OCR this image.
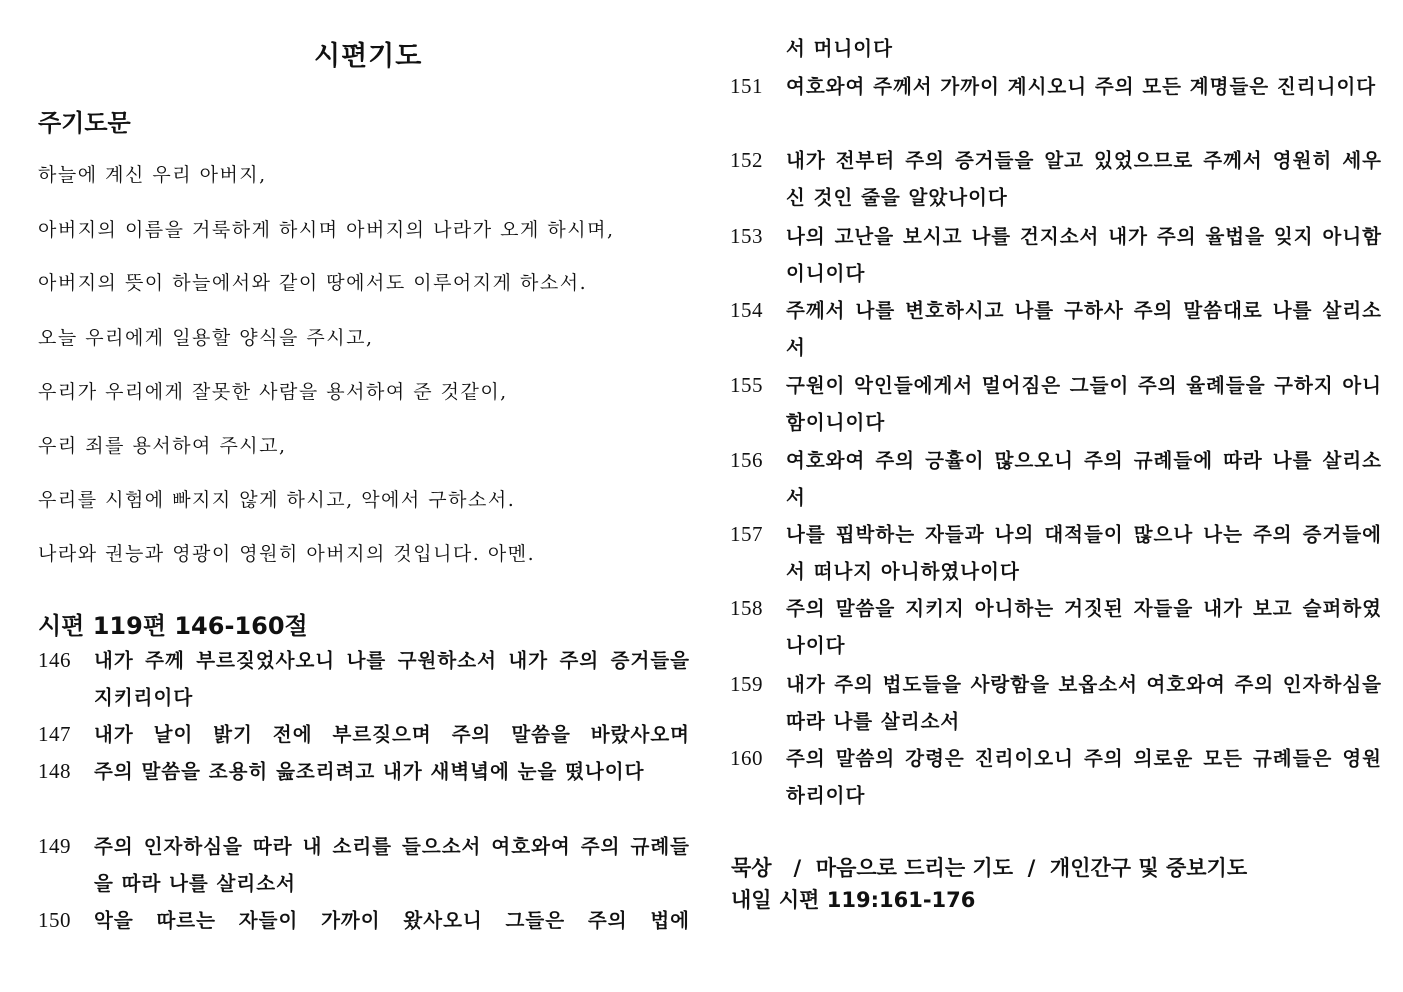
시편기도
주기도문
하늘에 계신 우리 아버지,
아버지의 이름을 거룩하게 하시며 아버지의 나라가 오게 하시며,
아버지의 뜻이 하늘에서와 같이 땅에서도 이루어지게 하소서.
오늘 우리에게 일용할 양식을 주시고,
우리가 우리에게 잘못한 사람을 용서하여 준 것같이,
우리 죄를 용서하여 주시고,
우리를 시험에 빠지지 않게 하시고, 악에서 구하소서.
나라와 권능과 영광이 영원히 아버지의 것입니다. 아멘.
시편 119편 146-160절
146 내가 주께 부르짖었사오니 나를 구원하소서 내가 주의 증거들을 지키리이다
147 내가 날이 밝기 전에 부르짖으며 주의 말씀을 바랐사오며
148 주의 말씀을 조용히 읊조리려고 내가 새벽녘에 눈을 떴나이다
149 주의 인자하심을 따라 내 소리를 들으소서 여호와여 주의 규례들을 따라 나를 살리소서
150 악을 따르는 자들이 가까이 왔사오니 그들은 주의 법에
서 머니이다
151 여호와여 주께서 가까이 계시오니 주의 모든 계명들은 진리니이다
152 내가 전부터 주의 증거들을 알고 있었으므로 주께서 영원히 세우신 것인 줄을 알았나이다
153 나의 고난을 보시고 나를 건지소서 내가 주의 율법을 잊지 아니함이니이다
154 주께서 나를 변호하시고 나를 구하사 주의 말씀대로 나를 살리소서
155 구원이 악인들에게서 멀어짐은 그들이 주의 율례들을 구하지 아니함이니이다
156 여호와여 주의 긍휼이 많으오니 주의 규례들에 따라 나를 살리소서
157 나를 핍박하는 자들과 나의 대적들이 많으나 나는 주의 증거들에서 떠나지 아니하였나이다
158 주의 말씀을 지키지 아니하는 거짓된 자들을 내가 보고 슬퍼하였나이다
159 내가 주의 법도들을 사랑함을 보옵소서 여호와여 주의 인자하심을 따라 나를 살리소서
160 주의 말씀의 강령은 진리이오니 주의 의로운 모든 규례들은 영원하리이다
묵상   /  마음으로 드리는 기도  /  개인간구 및 중보기도
내일 시편 119:161-176
